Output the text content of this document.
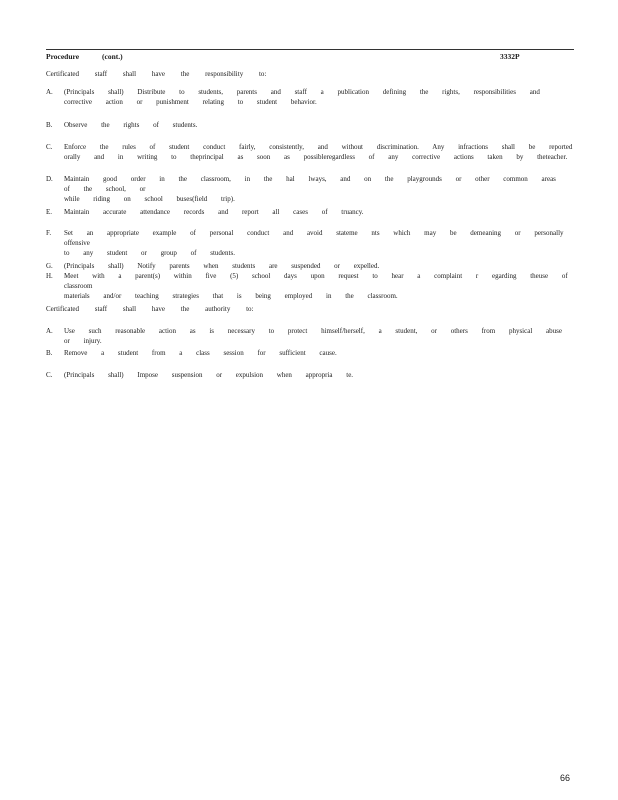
Procedure	(cont.)	3332P
Certificated staff shall have the responsibility to:
A. (Principals shall) Distribute to students, parents and staff a publication defining the rights, responsibilities and
corrective action or punishment relating to student behavior.
B. Observe the rights of students.
C. Enforce the rules of student conduct fairly, consistently, and without discrimination. Any infractions shall be reported
orally and in writing to theprincipal as soon as possibleregardless of any corrective actions taken by theteacher.
D. Maintain good order in the classroom, in the hal lways, and on the playgrounds or other common areas of the school, or
while riding on school buses(field trip).
E. Maintain accurate attendance records and report all cases of truancy.
F. Set an appropriate example of personal conduct and avoid stateme nts which may be demeaning or personally offensive
to any student or group of students.
G. (Principals shall) Notify parents when students are suspended or expelled.
H. Meet with a parent(s) within five (5) school days upon request to hear a complaint r egarding theuse of classroom
materials and/or teaching strategies that is being employed in the classroom.
Certificated staff shall have the authority to:
A. Use such reasonable action as is necessary to protect himself/herself, a student, or others from physical abuse or injury.
B. Remove a student from a class session for sufficient cause.
C. (Principals shall) Impose suspension or expulsion when appropria te.
66
